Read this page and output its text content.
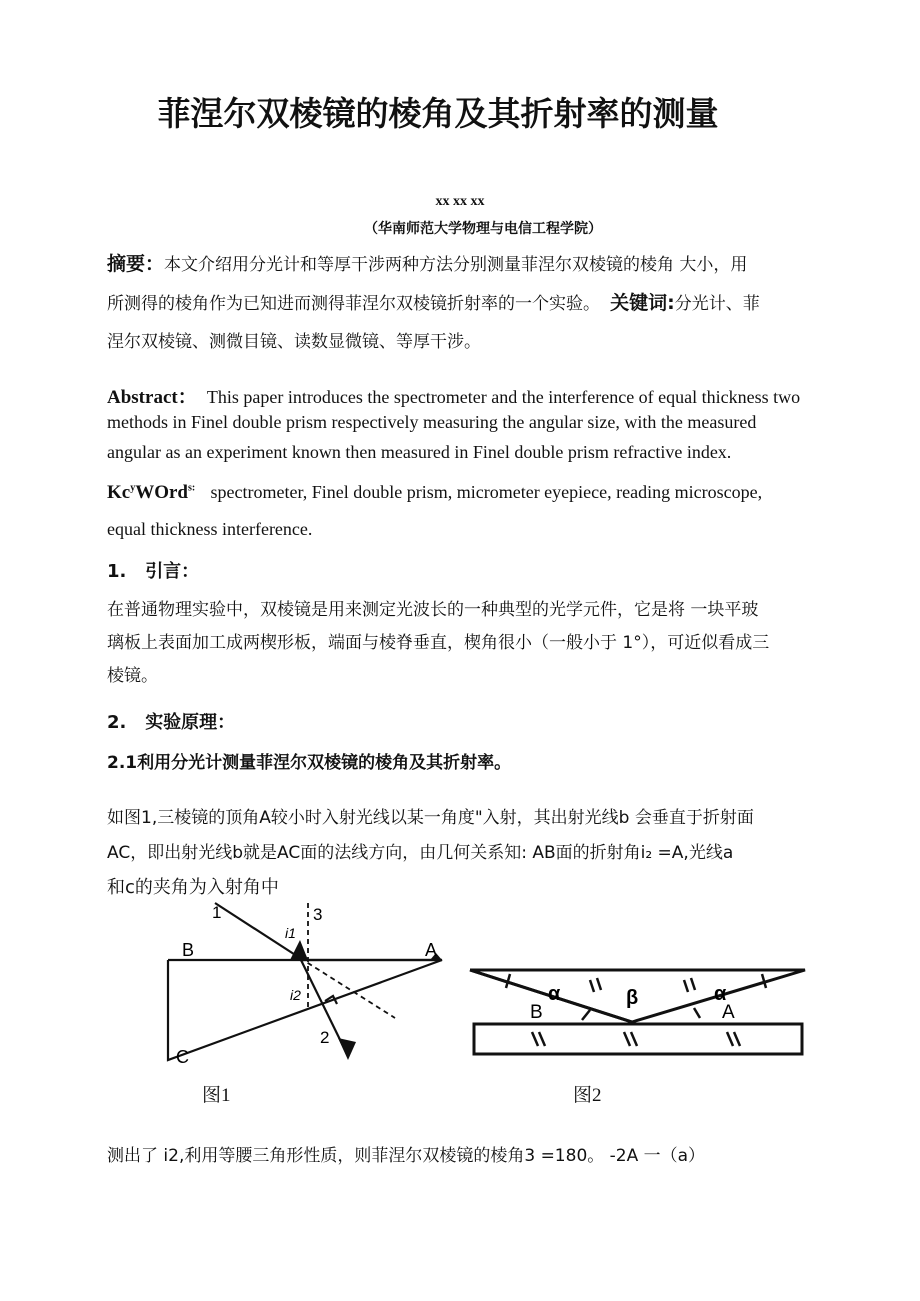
菲涅尔双棱镜的棱角及其折射率的测量
xx xx xx
（华南师范大学物理与电信工程学院）
摘要：本文介绍用分光计和等厚干涉两种方法分别测量菲涅尔双棱镜的棱角 大小，用
所测得的棱角作为已知进而测得菲涅尔双棱镜折射率的一个实验。 关键词:分光计、菲
涅尔双棱镜、测微目镜、读数显微镜、等厚干涉。
Abstract： This paper introduces the spectrometer and the interference of equal thickness two
methods in Finel double prism respectively measuring the angular size, with the measured
angular as an experiment known then measured in Finel double prism refractive index.
Kc$^y$WOrd$^{s:}$ spectrometer, Finel double prism, micrometer eyepiece, reading microscope,
equal thickness interference.
1. 引言：
在普通物理实验中，双棱镜是用来测定光波长的一种典型的光学元件，它是将 一块平玻
璃板上表面加工成两楔形板，端面与棱脊垂直，楔角很小（一般小于 1°），可近似看成三
棱镜。
2. 实验原理：
2.1利用分光计测量菲涅尔双棱镜的棱角及其折射率。
如图1,三棱镜的顶角A较小时入射光线以某一角度"入射，其出射光线b 会垂直于折射面
AC，即出射光线b就是AC面的法线方向，由几何关系知: AB面的折射角i₂ =A,光线a
和c的夹角为入射角中
1	3
i1
i2
B	A
C
2
图1
α	β	α
B	A
图2
测出了 i2,利用等腰三角形性质，则菲涅尔双棱镜的棱角3 =180。 -2A 一（a）
